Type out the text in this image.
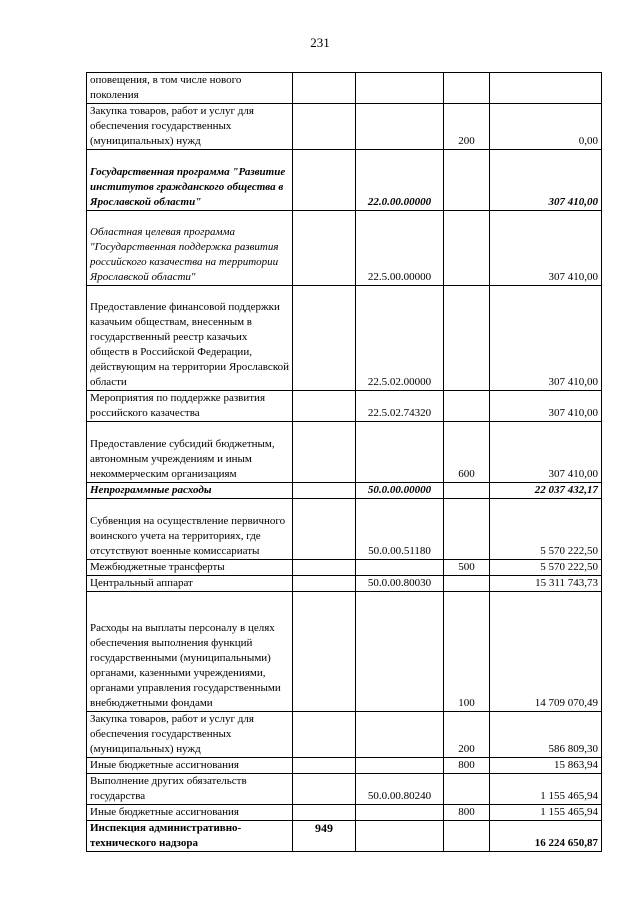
231
оповещения, в том числе нового поколения				
Закупка товаров, работ и услуг для обеспечения государственных (муниципальных) нужд			200	0,00
Государственная программа "Развитие институтов гражданского общества в Ярославской области"		22.0.00.00000		307 410,00
Областная целевая программа "Государственная поддержка развития российского казачества на территории Ярославской области"		22.5.00.00000		307 410,00
Предоставление финансовой поддержки казачьим обществам, внесенным в государственный реестр казачьих обществ в Российской Федерации, действующим на территории Ярославской области		22.5.02.00000		307 410,00
Мероприятия по поддержке развития российского казачества		22.5.02.74320		307 410,00
Предоставление субсидий бюджетным, автономным учреждениям и иным некоммерческим организациям			600	307 410,00
Непрограммные расходы		50.0.00.00000		22 037 432,17
Субвенция на осуществление первичного воинского учета на территориях, где отсутствуют военные комиссариаты		50.0.00.51180		5 570 222,50
Межбюджетные трансферты			500	5 570 222,50
Центральный аппарат		50.0.00.80030		15 311 743,73
Расходы на выплаты персоналу в целях обеспечения выполнения функций государственными (муниципальными) органами, казенными учреждениями, органами управления государственными внебюджетными фондами			100	14 709 070,49
Закупка товаров, работ и услуг для обеспечения государственных (муниципальных) нужд			200	586 809,30
Иные бюджетные ассигнования			800	15 863,94
Выполнение других обязательств государства		50.0.00.80240		1 155 465,94
Иные бюджетные ассигнования			800	1 155 465,94
Инспекция административно-технического надзора	949			16 224 650,87
